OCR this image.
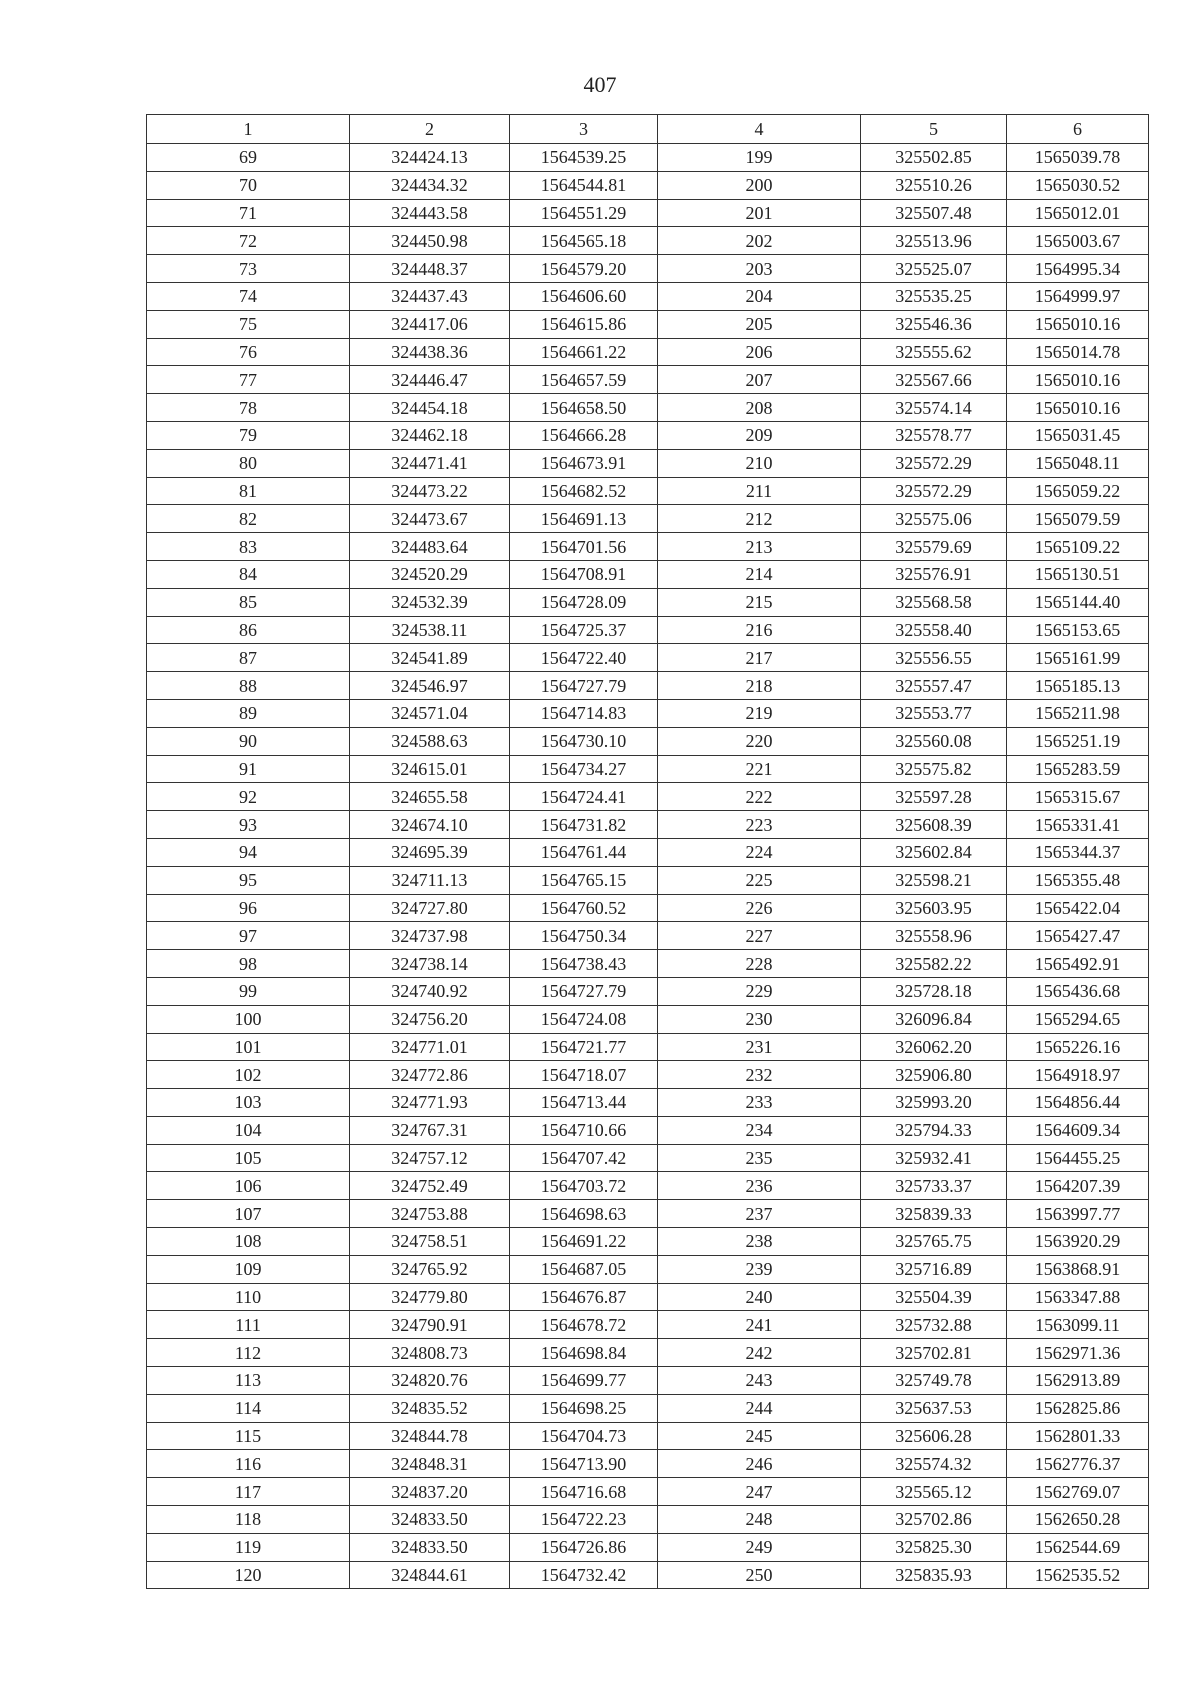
407
1	2	3	4	5	6
69	324424.13	1564539.25	199	325502.85	1565039.78
70	324434.32	1564544.81	200	325510.26	1565030.52
71	324443.58	1564551.29	201	325507.48	1565012.01
72	324450.98	1564565.18	202	325513.96	1565003.67
73	324448.37	1564579.20	203	325525.07	1564995.34
74	324437.43	1564606.60	204	325535.25	1564999.97
75	324417.06	1564615.86	205	325546.36	1565010.16
76	324438.36	1564661.22	206	325555.62	1565014.78
77	324446.47	1564657.59	207	325567.66	1565010.16
78	324454.18	1564658.50	208	325574.14	1565010.16
79	324462.18	1564666.28	209	325578.77	1565031.45
80	324471.41	1564673.91	210	325572.29	1565048.11
81	324473.22	1564682.52	211	325572.29	1565059.22
82	324473.67	1564691.13	212	325575.06	1565079.59
83	324483.64	1564701.56	213	325579.69	1565109.22
84	324520.29	1564708.91	214	325576.91	1565130.51
85	324532.39	1564728.09	215	325568.58	1565144.40
86	324538.11	1564725.37	216	325558.40	1565153.65
87	324541.89	1564722.40	217	325556.55	1565161.99
88	324546.97	1564727.79	218	325557.47	1565185.13
89	324571.04	1564714.83	219	325553.77	1565211.98
90	324588.63	1564730.10	220	325560.08	1565251.19
91	324615.01	1564734.27	221	325575.82	1565283.59
92	324655.58	1564724.41	222	325597.28	1565315.67
93	324674.10	1564731.82	223	325608.39	1565331.41
94	324695.39	1564761.44	224	325602.84	1565344.37
95	324711.13	1564765.15	225	325598.21	1565355.48
96	324727.80	1564760.52	226	325603.95	1565422.04
97	324737.98	1564750.34	227	325558.96	1565427.47
98	324738.14	1564738.43	228	325582.22	1565492.91
99	324740.92	1564727.79	229	325728.18	1565436.68
100	324756.20	1564724.08	230	326096.84	1565294.65
101	324771.01	1564721.77	231	326062.20	1565226.16
102	324772.86	1564718.07	232	325906.80	1564918.97
103	324771.93	1564713.44	233	325993.20	1564856.44
104	324767.31	1564710.66	234	325794.33	1564609.34
105	324757.12	1564707.42	235	325932.41	1564455.25
106	324752.49	1564703.72	236	325733.37	1564207.39
107	324753.88	1564698.63	237	325839.33	1563997.77
108	324758.51	1564691.22	238	325765.75	1563920.29
109	324765.92	1564687.05	239	325716.89	1563868.91
110	324779.80	1564676.87	240	325504.39	1563347.88
111	324790.91	1564678.72	241	325732.88	1563099.11
112	324808.73	1564698.84	242	325702.81	1562971.36
113	324820.76	1564699.77	243	325749.78	1562913.89
114	324835.52	1564698.25	244	325637.53	1562825.86
115	324844.78	1564704.73	245	325606.28	1562801.33
116	324848.31	1564713.90	246	325574.32	1562776.37
117	324837.20	1564716.68	247	325565.12	1562769.07
118	324833.50	1564722.23	248	325702.86	1562650.28
119	324833.50	1564726.86	249	325825.30	1562544.69
120	324844.61	1564732.42	250	325835.93	1562535.52
